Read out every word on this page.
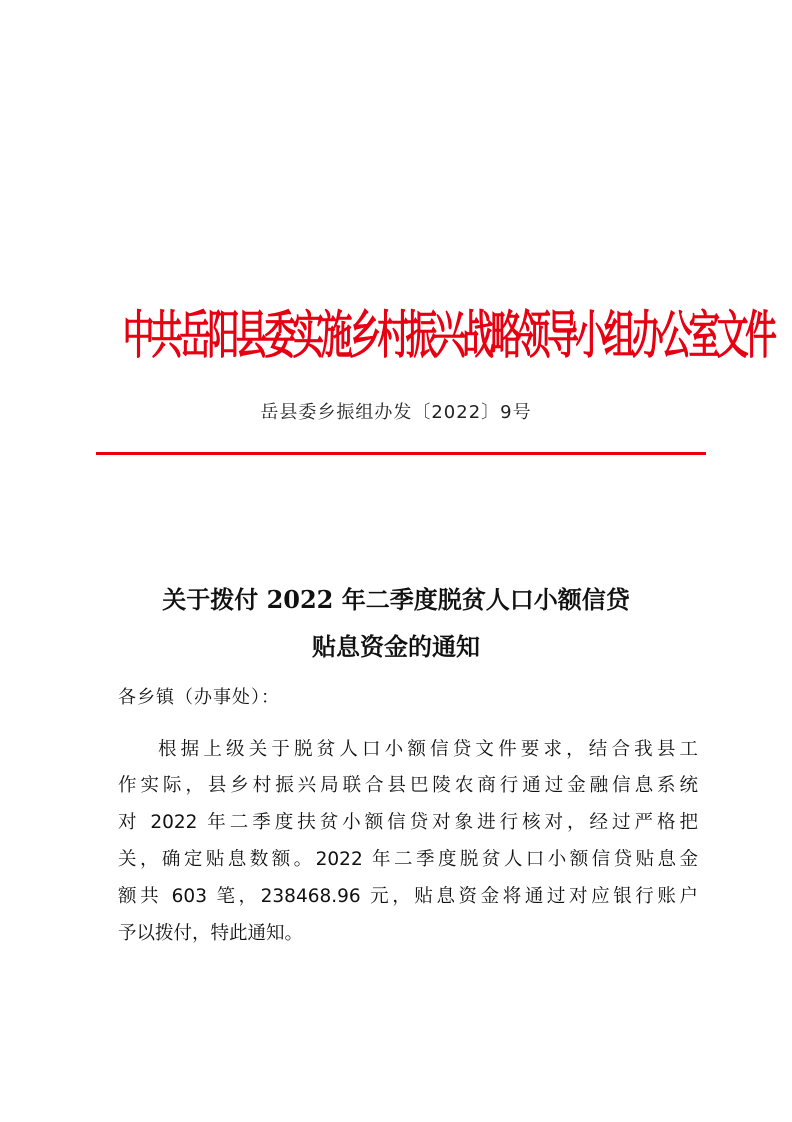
中共岳阳县委实施乡村振兴战略领导小组办公室文件
岳县委乡振组办发〔2022〕9号
关于拨付 2022 年二季度脱贫人口小额信贷
贴息资金的通知
各乡镇（办事处）：
根据上级关于脱贫人口小额信贷文件要求，结合我县工
作实际，县乡村振兴局联合县巴陵农商行通过金融信息系统
对 2022 年二季度扶贫小额信贷对象进行核对，经过严格把
关，确定贴息数额。2022 年二季度脱贫人口小额信贷贴息金
额共 603 笔，238468.96 元，贴息资金将通过对应银行账户
予以拨付，特此通知。
